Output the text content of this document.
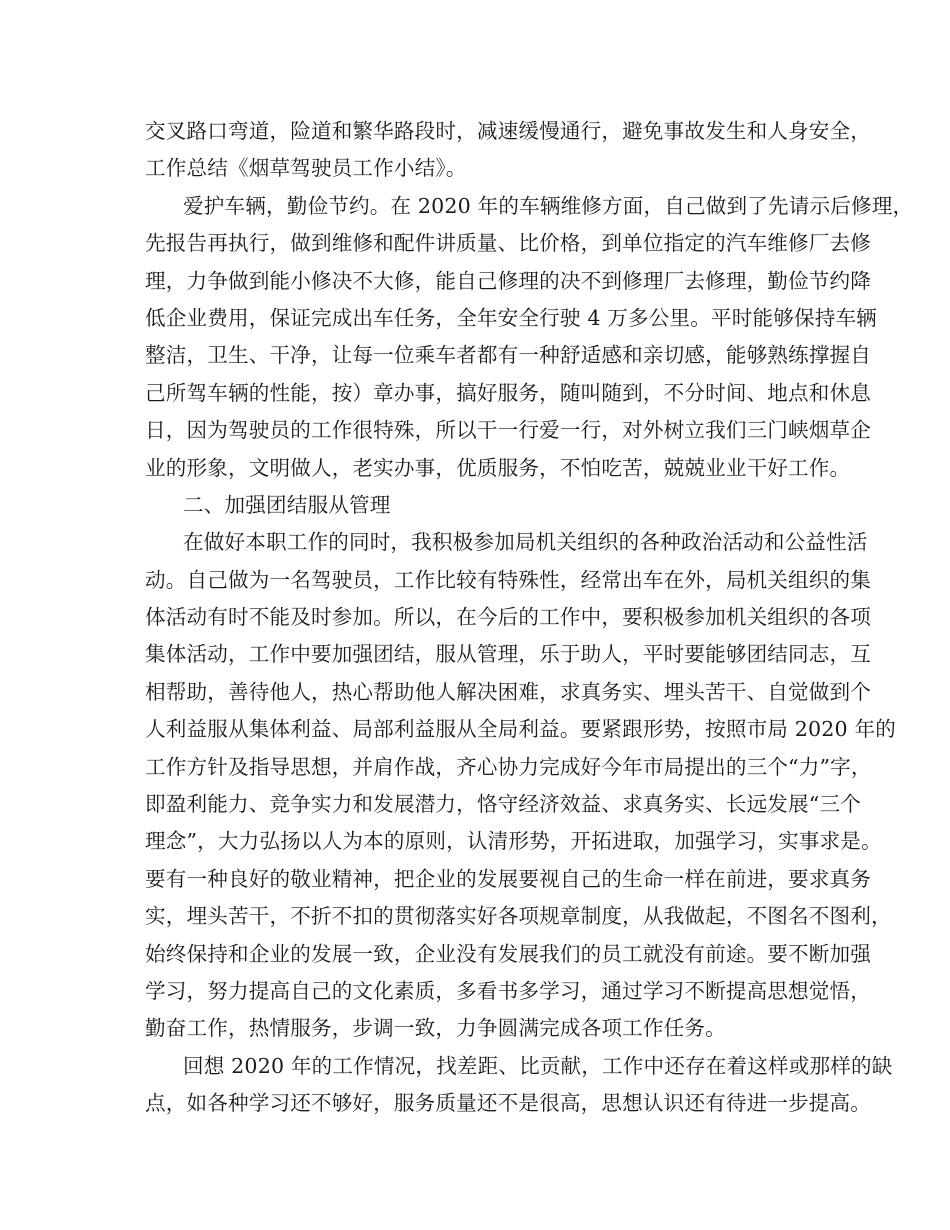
交叉路口弯道，险道和繁华路段时，减速缓慢通行，避免事故发生和人身安全，
工作总结《烟草驾驶员工作小结》。
爱护车辆，勤俭节约。在 2020 年的车辆维修方面，自己做到了先请示后修理，
先报告再执行，做到维修和配件讲质量、比价格，到单位指定的汽车维修厂去修
理，力争做到能小修决不大修，能自己修理的决不到修理厂去修理，勤俭节约降
低企业费用，保证完成出车任务，全年安全行驶 4 万多公里。平时能够保持车辆
整洁，卫生、干净，让每一位乘车者都有一种舒适感和亲切感，能够熟练撑握自
己所驾车辆的性能，按）章办事，搞好服务，随叫随到，不分时间、地点和休息
日，因为驾驶员的工作很特殊，所以干一行爱一行，对外树立我们三门峡烟草企
业的形象，文明做人，老实办事，优质服务，不怕吃苦，兢兢业业干好工作。
二、加强团结服从管理
在做好本职工作的同时，我积极参加局机关组织的各种政治活动和公益性活
动。自己做为一名驾驶员，工作比较有特殊性，经常出车在外，局机关组织的集
体活动有时不能及时参加。所以，在今后的工作中，要积极参加机关组织的各项
集体活动，工作中要加强团结，服从管理，乐于助人，平时要能够团结同志，互
相帮助，善待他人，热心帮助他人解决困难，求真务实、埋头苦干、自觉做到个
人利益服从集体利益、局部利益服从全局利益。要紧跟形势，按照市局 2020 年的
工作方针及指导思想，并肩作战，齐心协力完成好今年市局提出的三个“力”字，
即盈利能力、竞争实力和发展潜力，恪守经济效益、求真务实、长远发展“三个
理念”，大力弘扬以人为本的原则，认清形势，开拓进取，加强学习，实事求是。
要有一种良好的敬业精神，把企业的发展要视自己的生命一样在前进，要求真务
实，埋头苦干，不折不扣的贯彻落实好各项规章制度，从我做起，不图名不图利，
始终保持和企业的发展一致，企业没有发展我们的员工就没有前途。要不断加强
学习，努力提高自己的文化素质，多看书多学习，通过学习不断提高思想觉悟，
勤奋工作，热情服务，步调一致，力争圆满完成各项工作任务。
回想 2020 年的工作情况，找差距、比贡献，工作中还存在着这样或那样的缺
点，如各种学习还不够好，服务质量还不是很高，思想认识还有待进一步提高。
